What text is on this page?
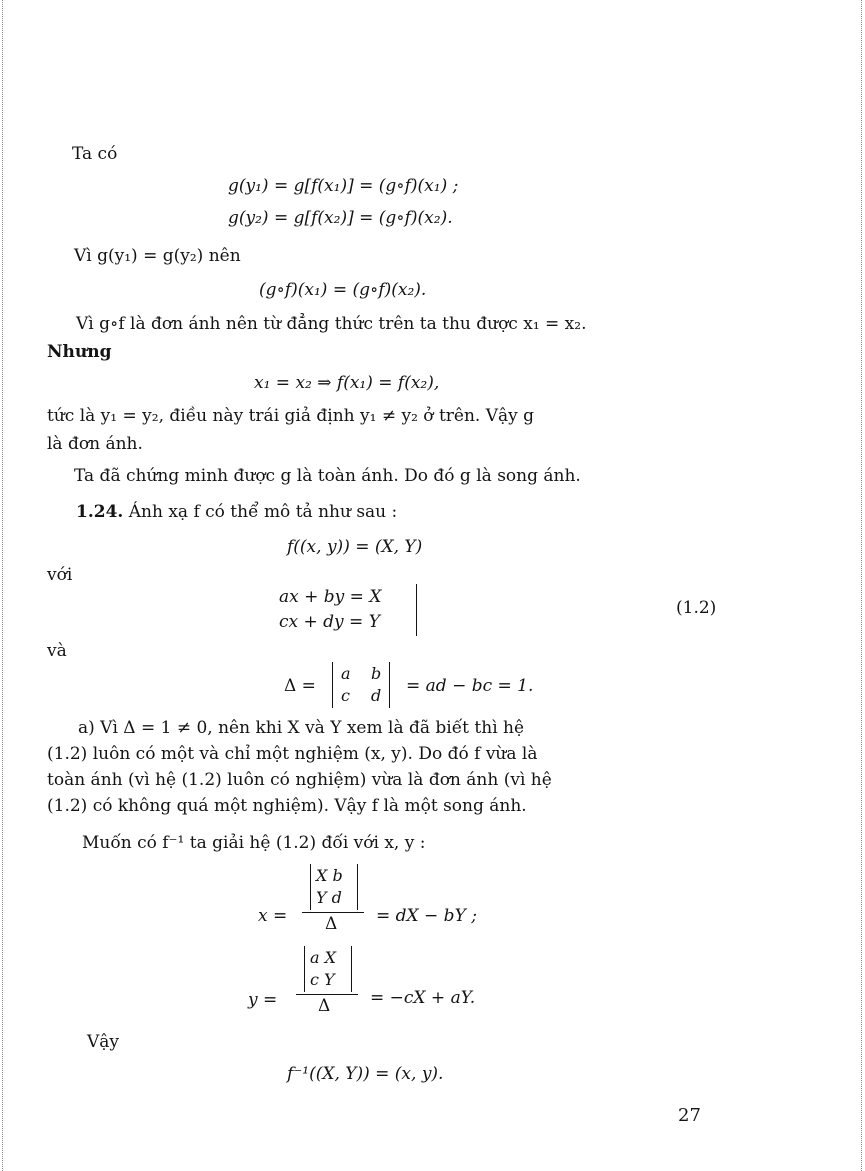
Ta có
g(y₁) = g[f(x₁)] = (g∘f)(x₁) ;
g(y₂) = g[f(x₂)] = (g∘f)(x₂).
Vì g(y₁) = g(y₂) nên
(g∘f)(x₁) = (g∘f)(x₂).
Vì g∘f là đơn ánh nên từ đẳng thức trên ta thu được x₁ = x₂.
Nhưng
x₁ = x₂ ⇒ f(x₁) = f(x₂),
tức là y₁ = y₂, điều này trái giả định y₁ ≠ y₂ ở trên. Vậy g
là đơn ánh.
Ta đã chứng minh được g là toàn ánh. Do đó g là song ánh.
1.24. Ánh xạ f có thể mô tả như sau :
f((x, y)) = (X, Y)
với
ax + by = X
cx + dy = Y
(1.2)
và
Δ =
a b
c d = ad − bc = 1.
a) Vì Δ = 1 ≠ 0, nên khi X và Y xem là đã biết thì hệ
(1.2) luôn có một và chỉ một nghiệm (x, y). Do đó f vừa là
toàn ánh (vì hệ (1.2) luôn có nghiệm) vừa là đơn ánh (vì hệ
(1.2) có không quá một nghiệm). Vậy f là một song ánh.
Muốn có f⁻¹ ta giải hệ (1.2) đối với x, y :
x =
X b
Y d
Δ = dX − bY ;
y =
a X
c Y
Δ = −cX + aY.
Vậy
f⁻¹((X, Y)) = (x, y).
27
